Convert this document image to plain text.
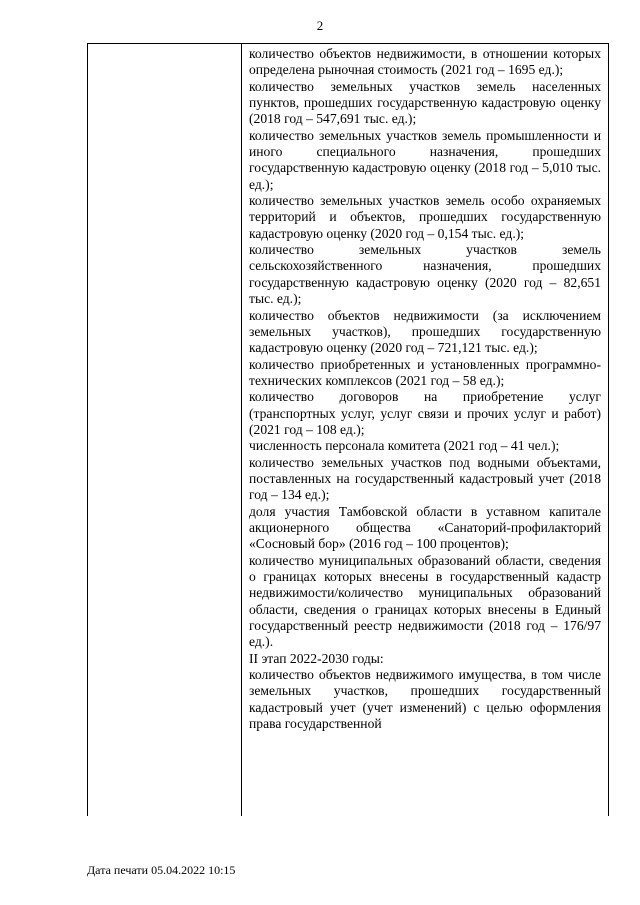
2

количество объектов недвижимости, в отношении которых определена рыночная стоимость (2021 год – 1695 ед.);

количество земельных участков земель населенных пунктов, прошедших государственную кадастровую оценку (2018 год – 547,691 тыс. ед.);

количество земельных участков земель промышленности и иного специального назначения, прошедших государственную кадастровую оценку (2018 год – 5,010 тыс. ед.);

количество земельных участков земель особо охраняемых территорий и объектов, прошедших государственную кадастровую оценку (2020 год – 0,154 тыс. ед.);

количество земельных участков земель сельскохозяйственного назначения, прошедших государственную кадастровую оценку (2020 год – 82,651 тыс. ед.);

количество объектов недвижимости (за исключением земельных участков), прошедших государственную кадастровую оценку (2020 год – 721,121 тыс. ед.);

количество приобретенных и установленных программно-технических комплексов (2021 год – 58 ед.);

количество договоров на приобретение услуг (транспортных услуг, услуг связи и прочих услуг и работ) (2021 год – 108 ед.);

численность персонала комитета (2021 год – 41 чел.);

количество земельных участков под водными объектами, поставленных на государственный кадастровый учет (2018 год – 134 ед.);

доля участия Тамбовской области в уставном капитале акционерного общества «Санаторий-профилакторий «Сосновый бор» (2016 год – 100 процентов);

количество муниципальных образований области, сведения о границах которых внесены в государственный кадастр недвижимости/количество муниципальных образований области, сведения о границах которых внесены в Единый государственный реестр недвижимости (2018 год – 176/97 ед.).

II этап 2022-2030 годы:

количество объектов недвижимого имущества, в том числе земельных участков, прошедших государственный кадастровый учет (учет изменений) с целью оформления права государственной

Дата печати 05.04.2022 10:15
